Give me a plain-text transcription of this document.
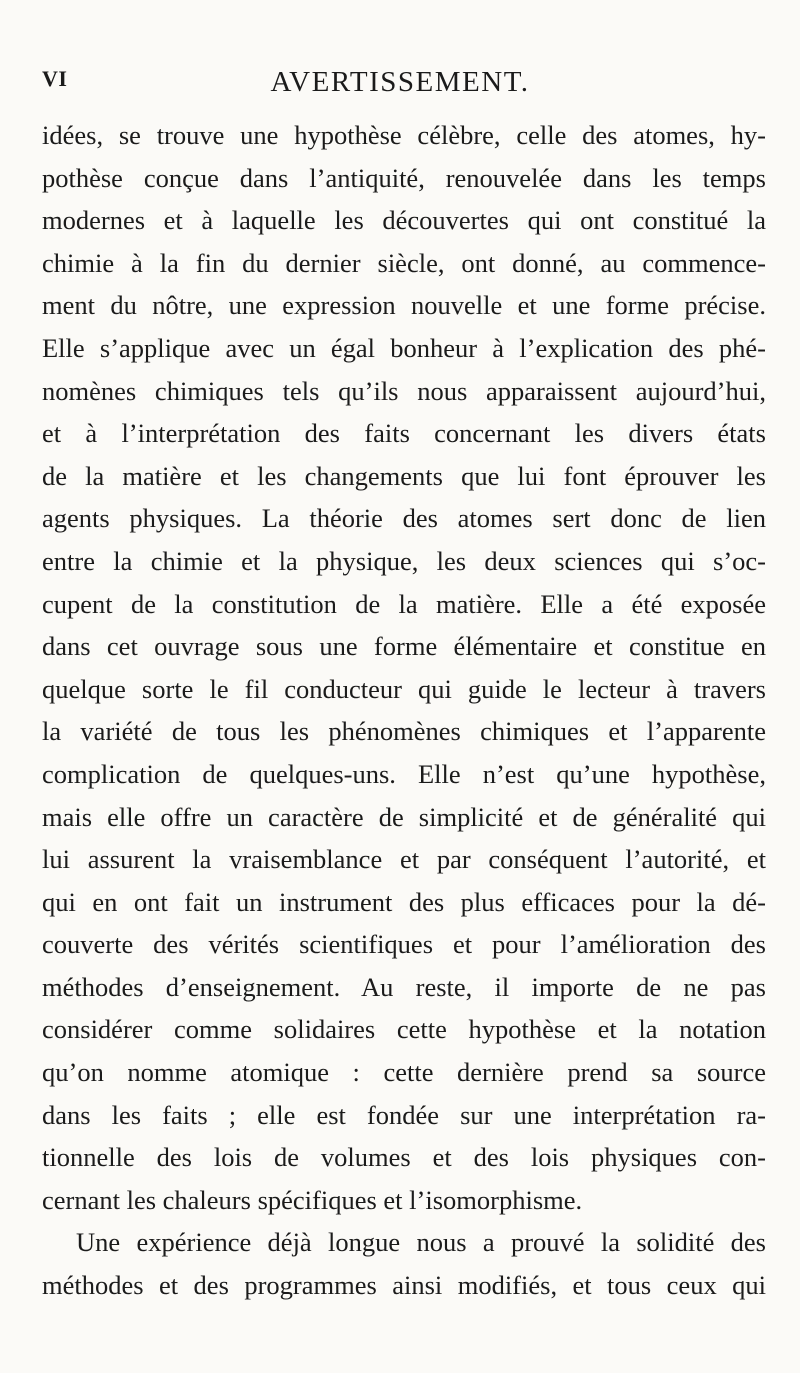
VI	AVERTISSEMENT.
idées, se trouve une hypothèse célèbre, celle des atomes, hy-
pothèse conçue dans l’antiquité, renouvelée dans les temps
modernes et à laquelle les découvertes qui ont constitué la
chimie à la fin du dernier siècle, ont donné, au commence-
ment du nôtre, une expression nouvelle et une forme précise.
Elle s’applique avec un égal bonheur à l’explication des phé-
nomènes chimiques tels qu’ils nous apparaissent aujourd’hui,
et à l’interprétation des faits concernant les divers états
de la matière et les changements que lui font éprouver les
agents physiques. La théorie des atomes sert donc de lien
entre la chimie et la physique, les deux sciences qui s’oc-
cupent de la constitution de la matière. Elle a été exposée
dans cet ouvrage sous une forme élémentaire et constitue en
quelque sorte le fil conducteur qui guide le lecteur à travers
la variété de tous les phénomènes chimiques et l’apparente
complication de quelques-uns. Elle n’est qu’une hypothèse,
mais elle offre un caractère de simplicité et de généralité qui
lui assurent la vraisemblance et par conséquent l’autorité, et
qui en ont fait un instrument des plus efficaces pour la dé-
couverte des vérités scientifiques et pour l’amélioration des
méthodes d’enseignement. Au reste, il importe de ne pas
considérer comme solidaires cette hypothèse et la notation
qu’on nomme atomique : cette dernière prend sa source
dans les faits ; elle est fondée sur une interprétation ra-
tionnelle des lois de volumes et des lois physiques con-
cernant les chaleurs spécifiques et l’isomorphisme.
Une expérience déjà longue nous a prouvé la solidité des
méthodes et des programmes ainsi modifiés, et tous ceux qui
